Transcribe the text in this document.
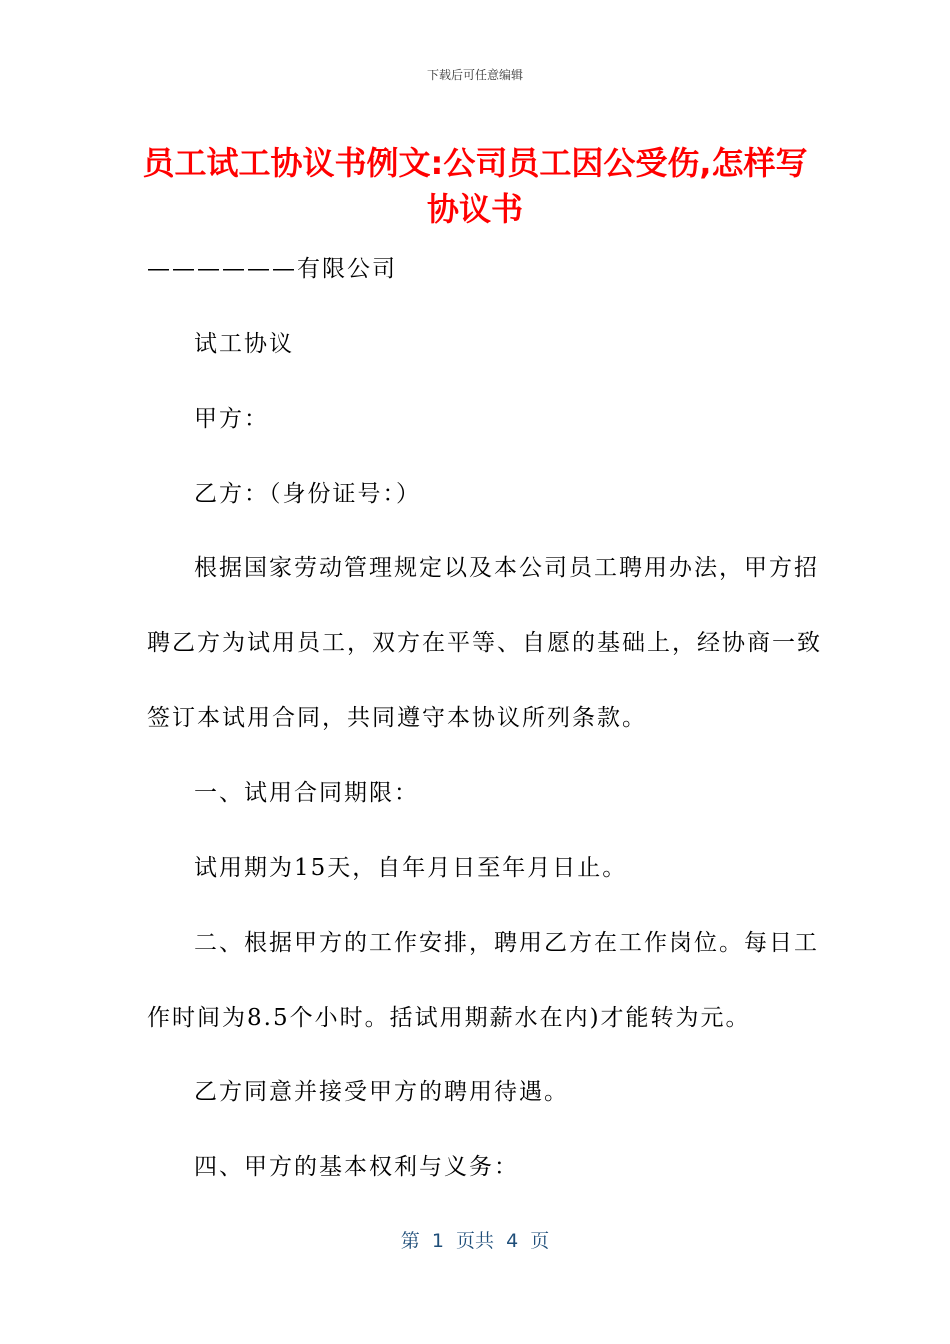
下载后可任意编辑
员工试工协议书例文:公司员工因公受伤,怎样写协议书
——————有限公司
试工协议
甲方：
乙方：（身份证号：）
根据国家劳动管理规定以及本公司员工聘用办法，甲方招
聘乙方为试用员工，双方在平等、自愿的基础上，经协商一致
签订本试用合同，共同遵守本协议所列条款。
一、试用合同期限：
试用期为15天，自年月日至年月日止。
二、根据甲方的工作安排，聘用乙方在工作岗位。每日工
作时间为8.5个小时。括试用期薪水在内)才能转为元。
乙方同意并接受甲方的聘用待遇。
四、甲方的基本权利与义务：
第  1  页共  4  页
